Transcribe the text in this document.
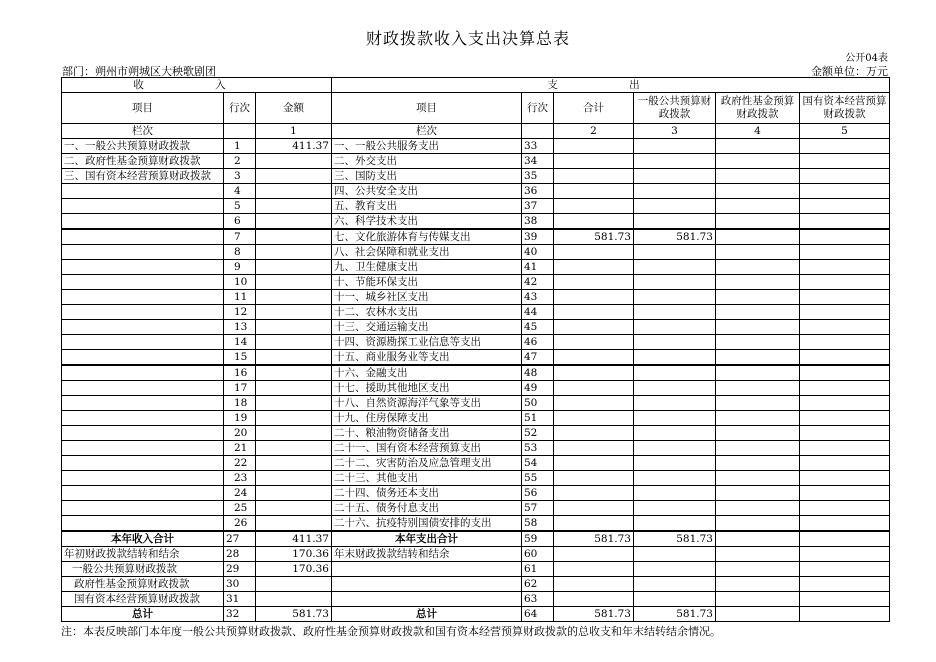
财政拨款收入支出决算总表
公开04表
部门：朔州市朔城区大秧歌剧团	金额单位：万元
收 入			支 出					
项目	行次	金额	项目	行次	合计	一般公共预算财政拨款	政府性基金预算财政拨款	国有资本经营预算财政拨款
栏次		1	栏次		2	3	4	5
一、一般公共预算财政拨款	1	411.37	一、一般公共服务支出	33				
二、政府性基金预算财政拨款	2		二、外交支出	34				
三、国有资本经营预算财政拨款	3		三、国防支出	35				
	4		四、公共安全支出	36				
	5		五、教育支出	37				
	6		六、科学技术支出	38				
	7		七、文化旅游体育与传媒支出	39	581.73	581.73		
	8		八、社会保障和就业支出	40				
	9		九、卫生健康支出	41				
	10		十、节能环保支出	42				
	11		十一、城乡社区支出	43				
	12		十二、农林水支出	44				
	13		十三、交通运输支出	45				
	14		十四、资源勘探工业信息等支出	46				
	15		十五、商业服务业等支出	47				
	16		十六、金融支出	48				
	17		十七、援助其他地区支出	49				
	18		十八、自然资源海洋气象等支出	50				
	19		十九、住房保障支出	51				
	20		二十、粮油物资储备支出	52				
	21		二十一、国有资本经营预算支出	53				
	22		二十二、灾害防治及应急管理支出	54				
	23		二十三、其他支出	55				
	24		二十四、债务还本支出	56				
	25		二十五、债务付息支出	57				
	26		二十六、抗疫特别国债安排的支出	58				
本年收入合计	27	411.37	本年支出合计	59	581.73	581.73		
年初财政拨款结转和结余	28	170.36	年末财政拨款结转和结余	60				
一般公共预算财政拨款	29	170.36		61				
政府性基金预算财政拨款	30			62				
国有资本经营预算财政拨款	31			63				
总计	32	581.73	总计	64	581.73	581.73		
注：本表反映部门本年度一般公共预算财政拨款、政府性基金预算财政拨款和国有资本经营预算财政拨款的总收支和年末结转结余情况。
